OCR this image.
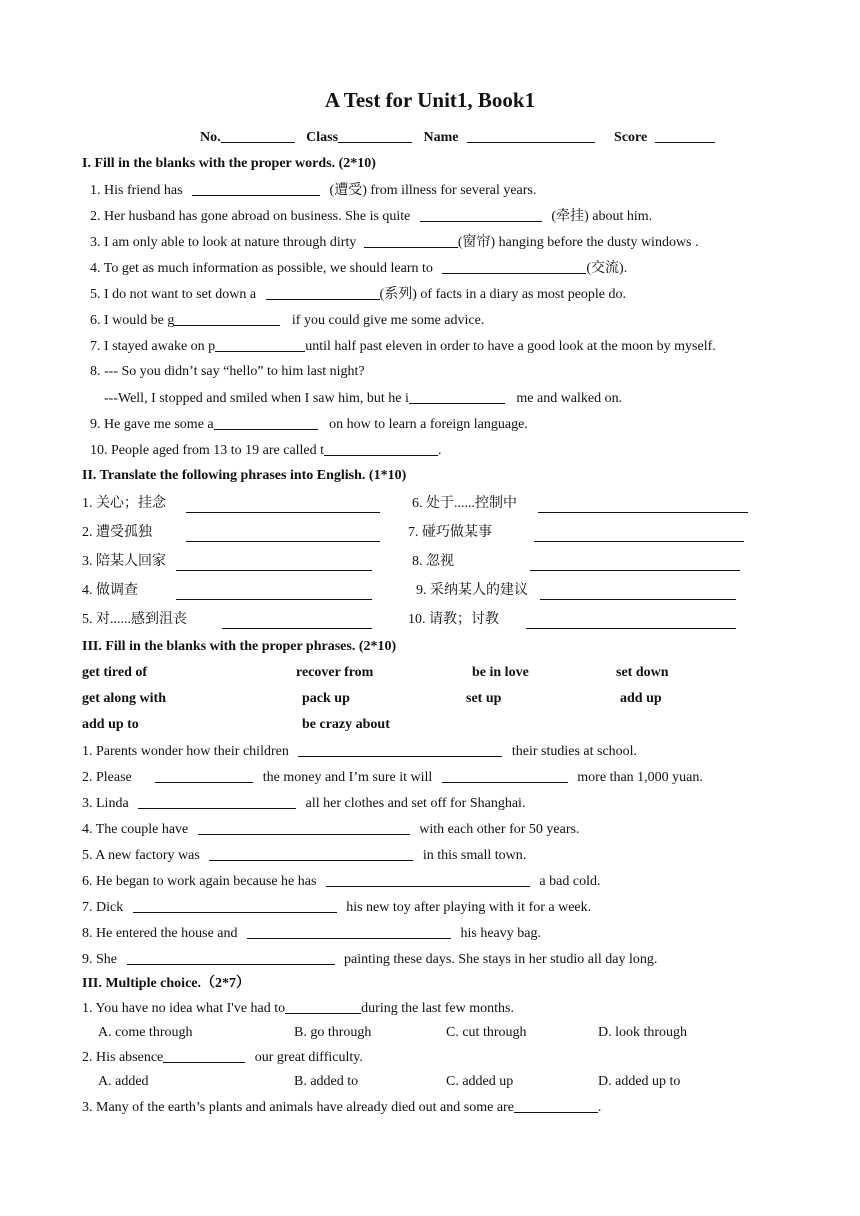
A Test for Unit1, Book1
No.	Class	Name	Score
I. Fill in the blanks with the proper words. (2*10)
1. His friend has	(遭受) from illness for several years.
2. Her husband has gone abroad on business. She is quite	(牵挂) about him.
3. I am only able to look at nature through dirty	(窗帘) hanging before the dusty windows .
4. To get as much information as possible, we should learn to	(交流).
5. I do not want to set down a	(系列) of facts in a diary as most people do.
6. I would be g	if you could give me some advice.
7. I stayed awake on p	until half past eleven in order to have a good look at the moon by myself.
8. --- So you didn’t say “hello” to him last night?
---Well, I stopped and smiled when I saw him, but he i	me and walked on.
9. He gave me some a	on how to learn a foreign language.
10. People aged from 13 to 19 are called t	.
II. Translate the following phrases into English. (1*10)
1. 关心；挂念	6. 处于......控制中
2. 遭受孤独	7. 碰巧做某事
3. 陪某人回家	8. 忽视
4. 做调查	9. 采纳某人的建议
5. 对......感到沮丧	10. 请教；讨教
III. Fill in the blanks with the proper phrases. (2*10)
get tired of	recover from	be in love	set down
get along with	pack up	set up	add up
add up to	be crazy about
1. Parents wonder how their children	their studies at school.
2. Please	the money and I’m sure it will	more than 1,000 yuan.
3. Linda	all her clothes and set off for Shanghai.
4. The couple have	with each other for 50 years.
5. A new factory was	in this small town.
6. He began to work again because he has	a bad cold.
7. Dick	his new toy after playing with it for a week.
8. He entered the house and	his heavy bag.
9. She	painting these days. She stays in her studio all day long.
III. Multiple choice.（2*7）
1. You have no idea what I've had to	during the last few months.
A. come through	B. go through	C. cut through	D. look through
2. His absence	our great difficulty.
A. added	B. added to	C. added up	D. added up to
3. Many of the earth’s plants and animals have already died out and some are	.
